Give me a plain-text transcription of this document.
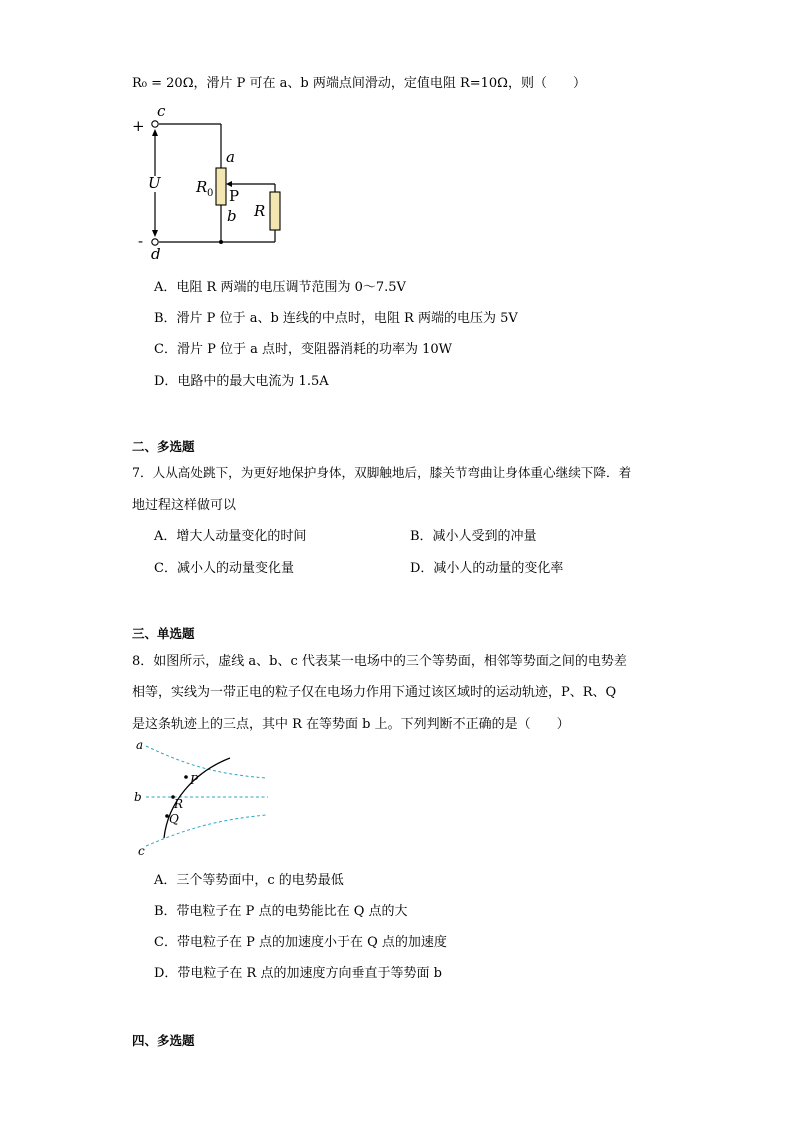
R₀ = 20Ω，滑片 P 可在 a、b 两端点间滑动，定值电阻 R=10Ω，则（　　）
+
-
c
d
U
a
b
R 0 P
R
A．电阻 R 两端的电压调节范围为 0～7.5V
B．滑片 P 位于 a、b 连线的中点时，电阻 R 两端的电压为 5V
C．滑片 P 位于 a 点时，变阻器消耗的功率为 10W
D．电路中的最大电流为 1.5A
二、多选题
7．人从高处跳下，为更好地保护身体，双脚触地后，膝关节弯曲让身体重心继续下降．着
地过程这样做可以
A．增大人动量变化的时间	B．减小人受到的冲量
C．减小人的动量变化量	D．减小人的动量的变化率
三、单选题
8．如图所示，虚线 a、b、c 代表某一电场中的三个等势面，相邻等势面之间的电势差
相等，实线为一带正电的粒子仅在电场力作用下通过该区域时的运动轨迹，P、R、Q
是这条轨迹上的三点，其中 R 在等势面 b 上。下列判断不正确的是（　　）
a
b
c
P
R
Q
A．三个等势面中，c 的电势最低
B．带电粒子在 P 点的电势能比在 Q 点的大
C．带电粒子在 P 点的加速度小于在 Q 点的加速度
D．带电粒子在 R 点的加速度方向垂直于等势面 b
四、多选题
